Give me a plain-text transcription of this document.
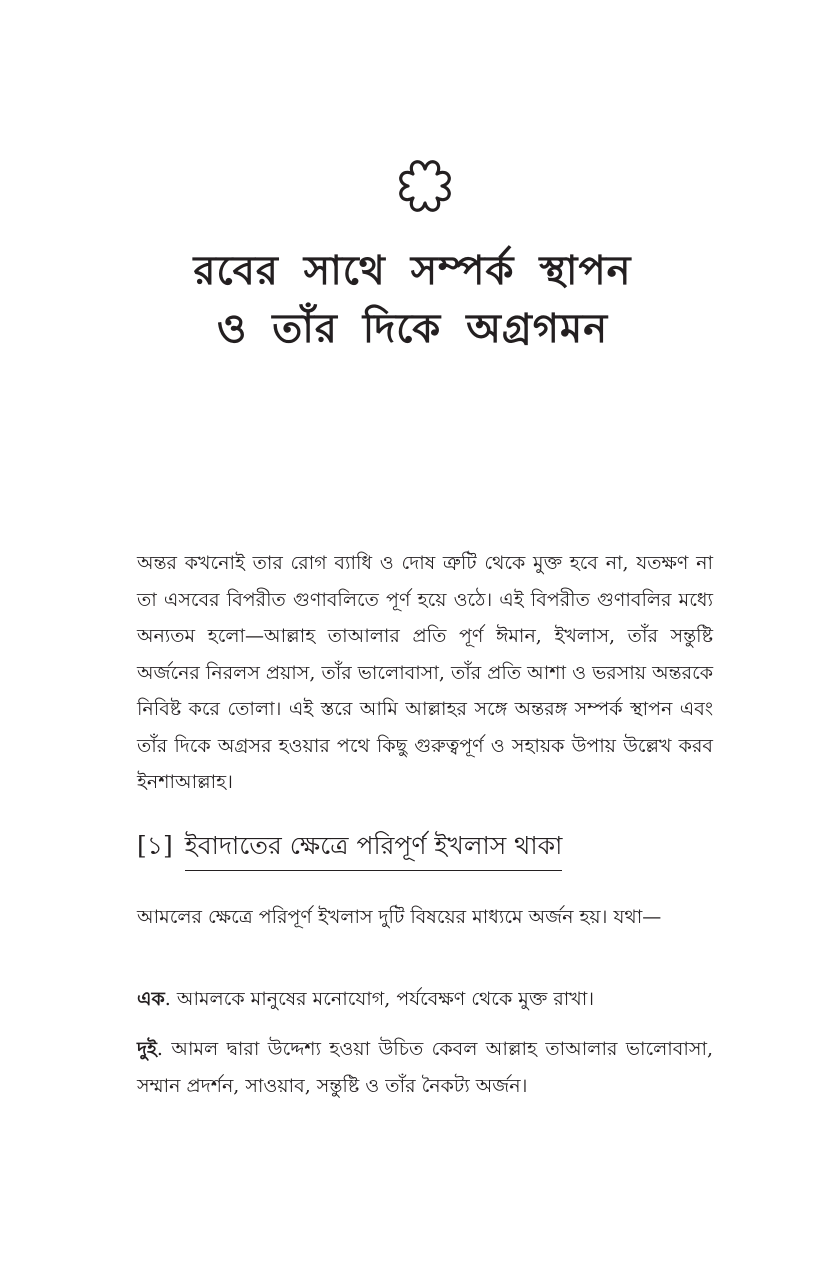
রবের সাথে সম্পর্ক স্থাপন
ও তাঁর দিকে অগ্রগমন

অন্তর কখনোই তার রোগ ব্যাধি ও দোষ ত্রুটি থেকে মুক্ত হবে না, যতক্ষণ না তা এসবের বিপরীত গুণাবলিতে পূর্ণ হয়ে ওঠে। এই বিপরীত গুণাবলির মধ্যে অন্যতম হলো—আল্লাহ তাআলার প্রতি পূর্ণ ঈমান, ইখলাস, তাঁর সন্তুষ্টি অর্জনের নিরলস প্রয়াস, তাঁর ভালোবাসা, তাঁর প্রতি আশা ও ভরসায় অন্তরকে নিবিষ্ট করে তোলা। এই স্তরে আমি আল্লাহর সঙ্গে অন্তরঙ্গ সম্পর্ক স্থাপন এবং তাঁর দিকে অগ্রসর হওয়ার পথে কিছু গুরুত্বপূর্ণ ও সহায়ক উপায় উল্লেখ করব ইনশাআল্লাহ।

[১] ইবাদাতের ক্ষেত্রে পরিপূর্ণ ইখলাস থাকা

আমলের ক্ষেত্রে পরিপূর্ণ ইখলাস দুটি বিষয়ের মাধ্যমে অর্জন হয়। যথা—

এক. আমলকে মানুষের মনোযোগ, পর্যবেক্ষণ থেকে মুক্ত রাখা।

দুই. আমল দ্বারা উদ্দেশ্য হওয়া উচিত কেবল আল্লাহ তাআলার ভালোবাসা, সম্মান প্রদর্শন, সাওয়াব, সন্তুষ্টি ও তাঁর নৈকট্য অর্জন।
